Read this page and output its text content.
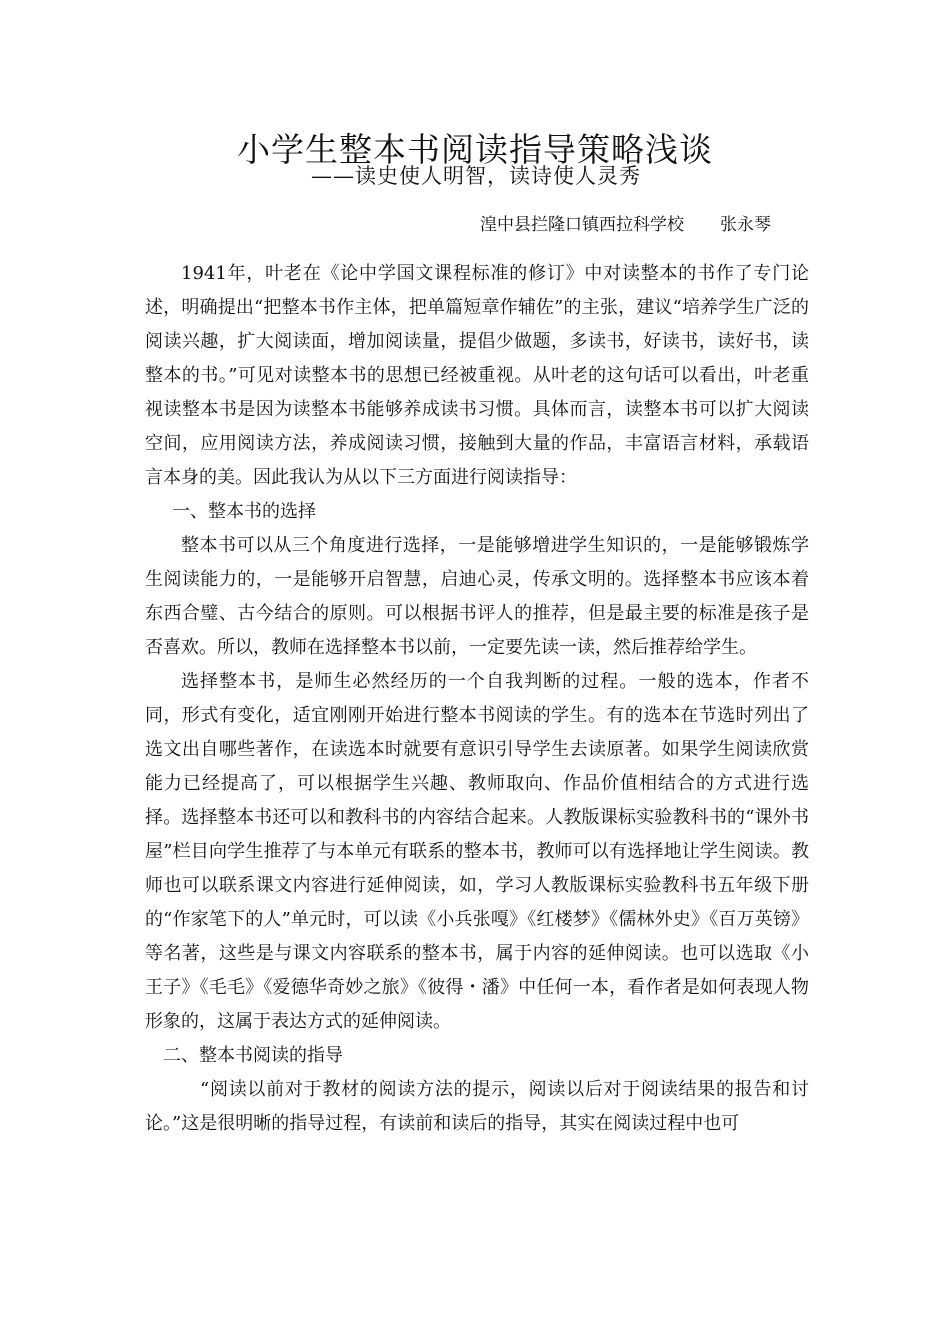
小学生整本书阅读指导策略浅谈
——读史使人明智，读诗使人灵秀
湟中县拦隆口镇西拉科学校 张永琴

1941年，叶老在《论中学国文课程标准的修订》中对读整本的书作了专门论述，明确提出“把整本书作主体，把单篇短章作辅佐”的主张，建议“培养学生广泛的阅读兴趣，扩大阅读面，增加阅读量，提倡少做题，多读书，好读书，读好书，读整本的书。”可见对读整本书的思想已经被重视。从叶老的这句话可以看出，叶老重视读整本书是因为读整本书能够养成读书习惯。具体而言，读整本书可以扩大阅读空间，应用阅读方法，养成阅读习惯，接触到大量的作品，丰富语言材料，承载语言本身的美。因此我认为从以下三方面进行阅读指导：

一、整本书的选择

整本书可以从三个角度进行选择，一是能够增进学生知识的，一是能够锻炼学生阅读能力的，一是能够开启智慧，启迪心灵，传承文明的。选择整本书应该本着东西合璧、古今结合的原则。可以根据书评人的推荐，但是最主要的标准是孩子是否喜欢。所以，教师在选择整本书以前，一定要先读一读，然后推荐给学生。

选择整本书，是师生必然经历的一个自我判断的过程。一般的选本，作者不同，形式有变化，适宜刚刚开始进行整本书阅读的学生。有的选本在节选时列出了选文出自哪些著作，在读选本时就要有意识引导学生去读原著。如果学生阅读欣赏能力已经提高了，可以根据学生兴趣、教师取向、作品价值相结合的方式进行选择。选择整本书还可以和教科书的内容结合起来。人教版课标实验教科书的“课外书屋”栏目向学生推荐了与本单元有联系的整本书，教师可以有选择地让学生阅读。教师也可以联系课文内容进行延伸阅读，如，学习人教版课标实验教科书五年级下册的“作家笔下的人”单元时，可以读《小兵张嘎》《红楼梦》《儒林外史》《百万英镑》等名著，这些是与课文内容联系的整本书，属于内容的延伸阅读。也可以选取《小王子》《毛毛》《爱德华奇妙之旅》《彼得・潘》中任何一本，看作者是如何表现人物形象的，这属于表达方式的延伸阅读。

二、整本书阅读的指导

“阅读以前对于教材的阅读方法的提示，阅读以后对于阅读结果的报告和讨论。”这是很明晰的指导过程，有读前和读后的指导，其实在阅读过程中也可
